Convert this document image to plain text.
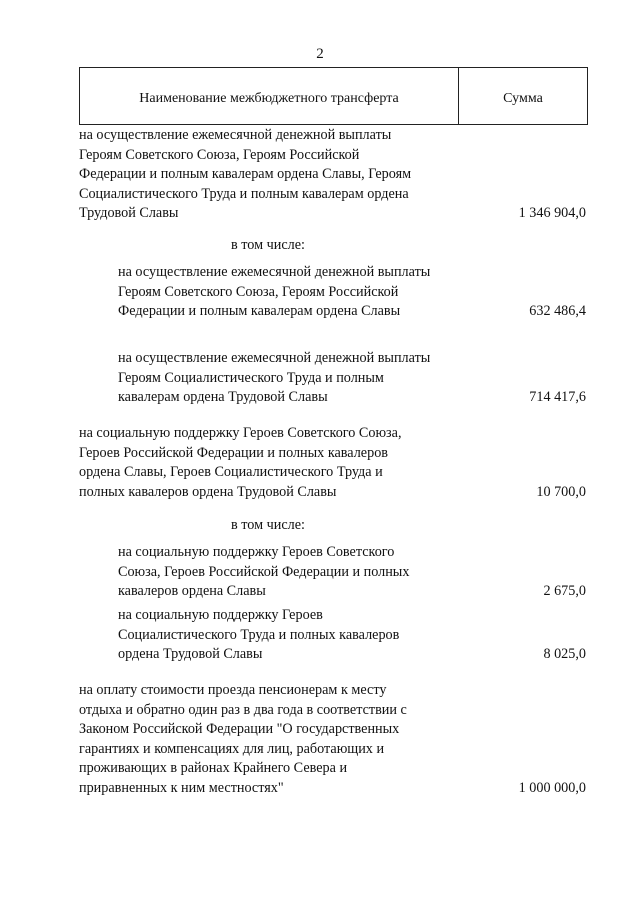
2
Наименование межбюджетного трансферта	Сумма
на осуществление ежемесячной денежной выплаты
Героям Советского Союза, Героям Российской
Федерации и полным кавалерам ордена Славы, Героям
Социалистического Труда и полным кавалерам ордена
Трудовой Славы	1 346 904,0
в том числе:
на осуществление ежемесячной денежной выплаты
Героям Советского Союза, Героям Российской
Федерации и полным кавалерам ордена Славы	632 486,4
на осуществление ежемесячной денежной выплаты
Героям Социалистического Труда и полным
кавалерам ордена Трудовой Славы	714 417,6
на социальную поддержку Героев Советского Союза,
Героев Российской Федерации и полных кавалеров
ордена Славы, Героев Социалистического Труда и
полных кавалеров ордена Трудовой Славы	10 700,0
в том числе:
на социальную поддержку Героев Советского
Союза, Героев Российской Федерации и полных
кавалеров ордена Славы	2 675,0
на социальную поддержку Героев
Социалистического Труда и полных кавалеров
ордена Трудовой Славы	8 025,0
на оплату стоимости проезда пенсионерам к месту
отдыха и обратно один раз в два года в соответствии с
Законом Российской Федерации "О государственных
гарантиях и компенсациях для лиц, работающих и
проживающих в районах Крайнего Севера и
приравненных к ним местностях"	1 000 000,0
